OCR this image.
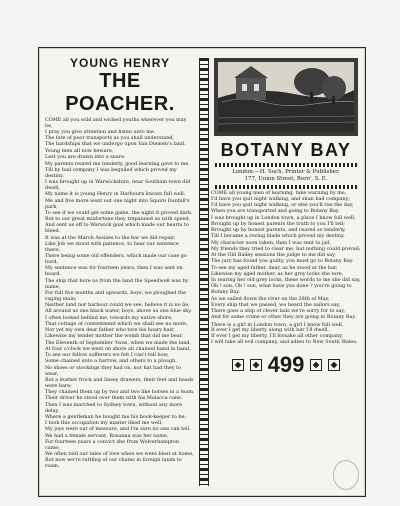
YOUNG HENRY
THE POACHER.
COME all you wild and wicked youths wherever you may be,
I pray you give attention and listen unto me.
The fate of poor transports as you shall understand,
The hardships that we undergo upon Van Diemen's land.
Young men all now beware,
Lest you are drawn into a snare.
My parents reared me tenderly, good learning gave to me,
Till by bad company I was beguiled which proved my destiny.
I was brought up in Warwickshire, near Southam town did dwell,
My name it is young Henry in Harbourn known full well.
Me and five more went out one night into Squire Dunhill's park,
To see if we could get some game, the night it proved dark.
But to our great misfortune they trepanned us with speed,
And sent us off to Warwick goal which made our hearts to bleed.
It was at the March Assizes to the bar we did repair,
Like Job we stood with patience, to hear our sentence there;
There being some old offenders, which made our case go hard,
My sentence was for fourteen years, then I was sent on board.
The ship that bore us from the land the Speedwell was by name,
For full five months and upwards, boys, we ploughed the raging main;
Neither land nor harbour could we see, believe it is no lie,
All around us one black water, boys, above us one blue sky.
I often looked behind me, towards my native shore,
That cottage of contentment which we shall see no more;
Nor yet my own dear father who tore his hoary hair,
Likewise my tender mother the womb that did me bear.
The Eleventh of September 'twas, when we made the land,
At four o'clock we went on shore all chained hand in hand,
To see our fellow sufferers we felt I can't tell how,
Some chained unto a harrow, and others to a plough.
No shoes or stockings they had on, nor hat had they to wear,
But a leather frock and linsey drawers, their feet and heads were bare;
They chained them up by two and two like horses in a team,
Their driver he stood over them with his Malacca cane.
Then I was marched to Sydney town, without any more delay,
Where a gentleman he bought me his book-keeper to be;
I took this occupation my master liked me well,
My joys were out of measure, and I'm sure no one can tell.
We had a female servant, Rosanna was her name,
For fourteen years a convict she from Wolverhampton came;
We often told our tales of love when we were blest at home,
But now we're rattling of our chains in foreign lands to roam.
BOTANY BAY
London:—H. Such, Printer & Publisher,
177, Union Street, Boro', S. E.
COME all young men of learning, take warning by me,
I'd have you quit night walking, and shun bad company;
I'd have you quit night walking, or else you'll rue the day,
When you are transported and going to Botany Bay.
I was brought up in London town, a place I know full well,
Brought up by honest parents the truth to you I'll tell;
Brought up by honest parents, and reared so tenderly,
Till I became a roving blade which proved my destiny.
My character soon taken, then I was sent to jail,
My friends they tried to clear me, but nothing could prevail;
At the Old Bailey sessions the judge to me did say,
The jury has found you guilty, you must go to Botany Bay.
To see my aged father, dear, as he stood at the bar,
Likewise my aged mother, as her grey locks she tore,
In tearing her old grey locks, these words to me she did say,
Oh ! son, Oh ! son, what have you done ? you're going to Botany Bay.
As we sailed down the river on the 28th of May,
Every ship that we passed, we heard the sailors say,
There goes a ship of clever lads we're sorry for to say,
And for some crime or other they are going to Botany Bay.
There is a girl in London town, a girl I know full well,
If ever I get my liberty along with her I'll dwell,
If ever I get my liberty, I'll forsake all other company,
I will take all evil company, and adieu to New South Wales.
499
